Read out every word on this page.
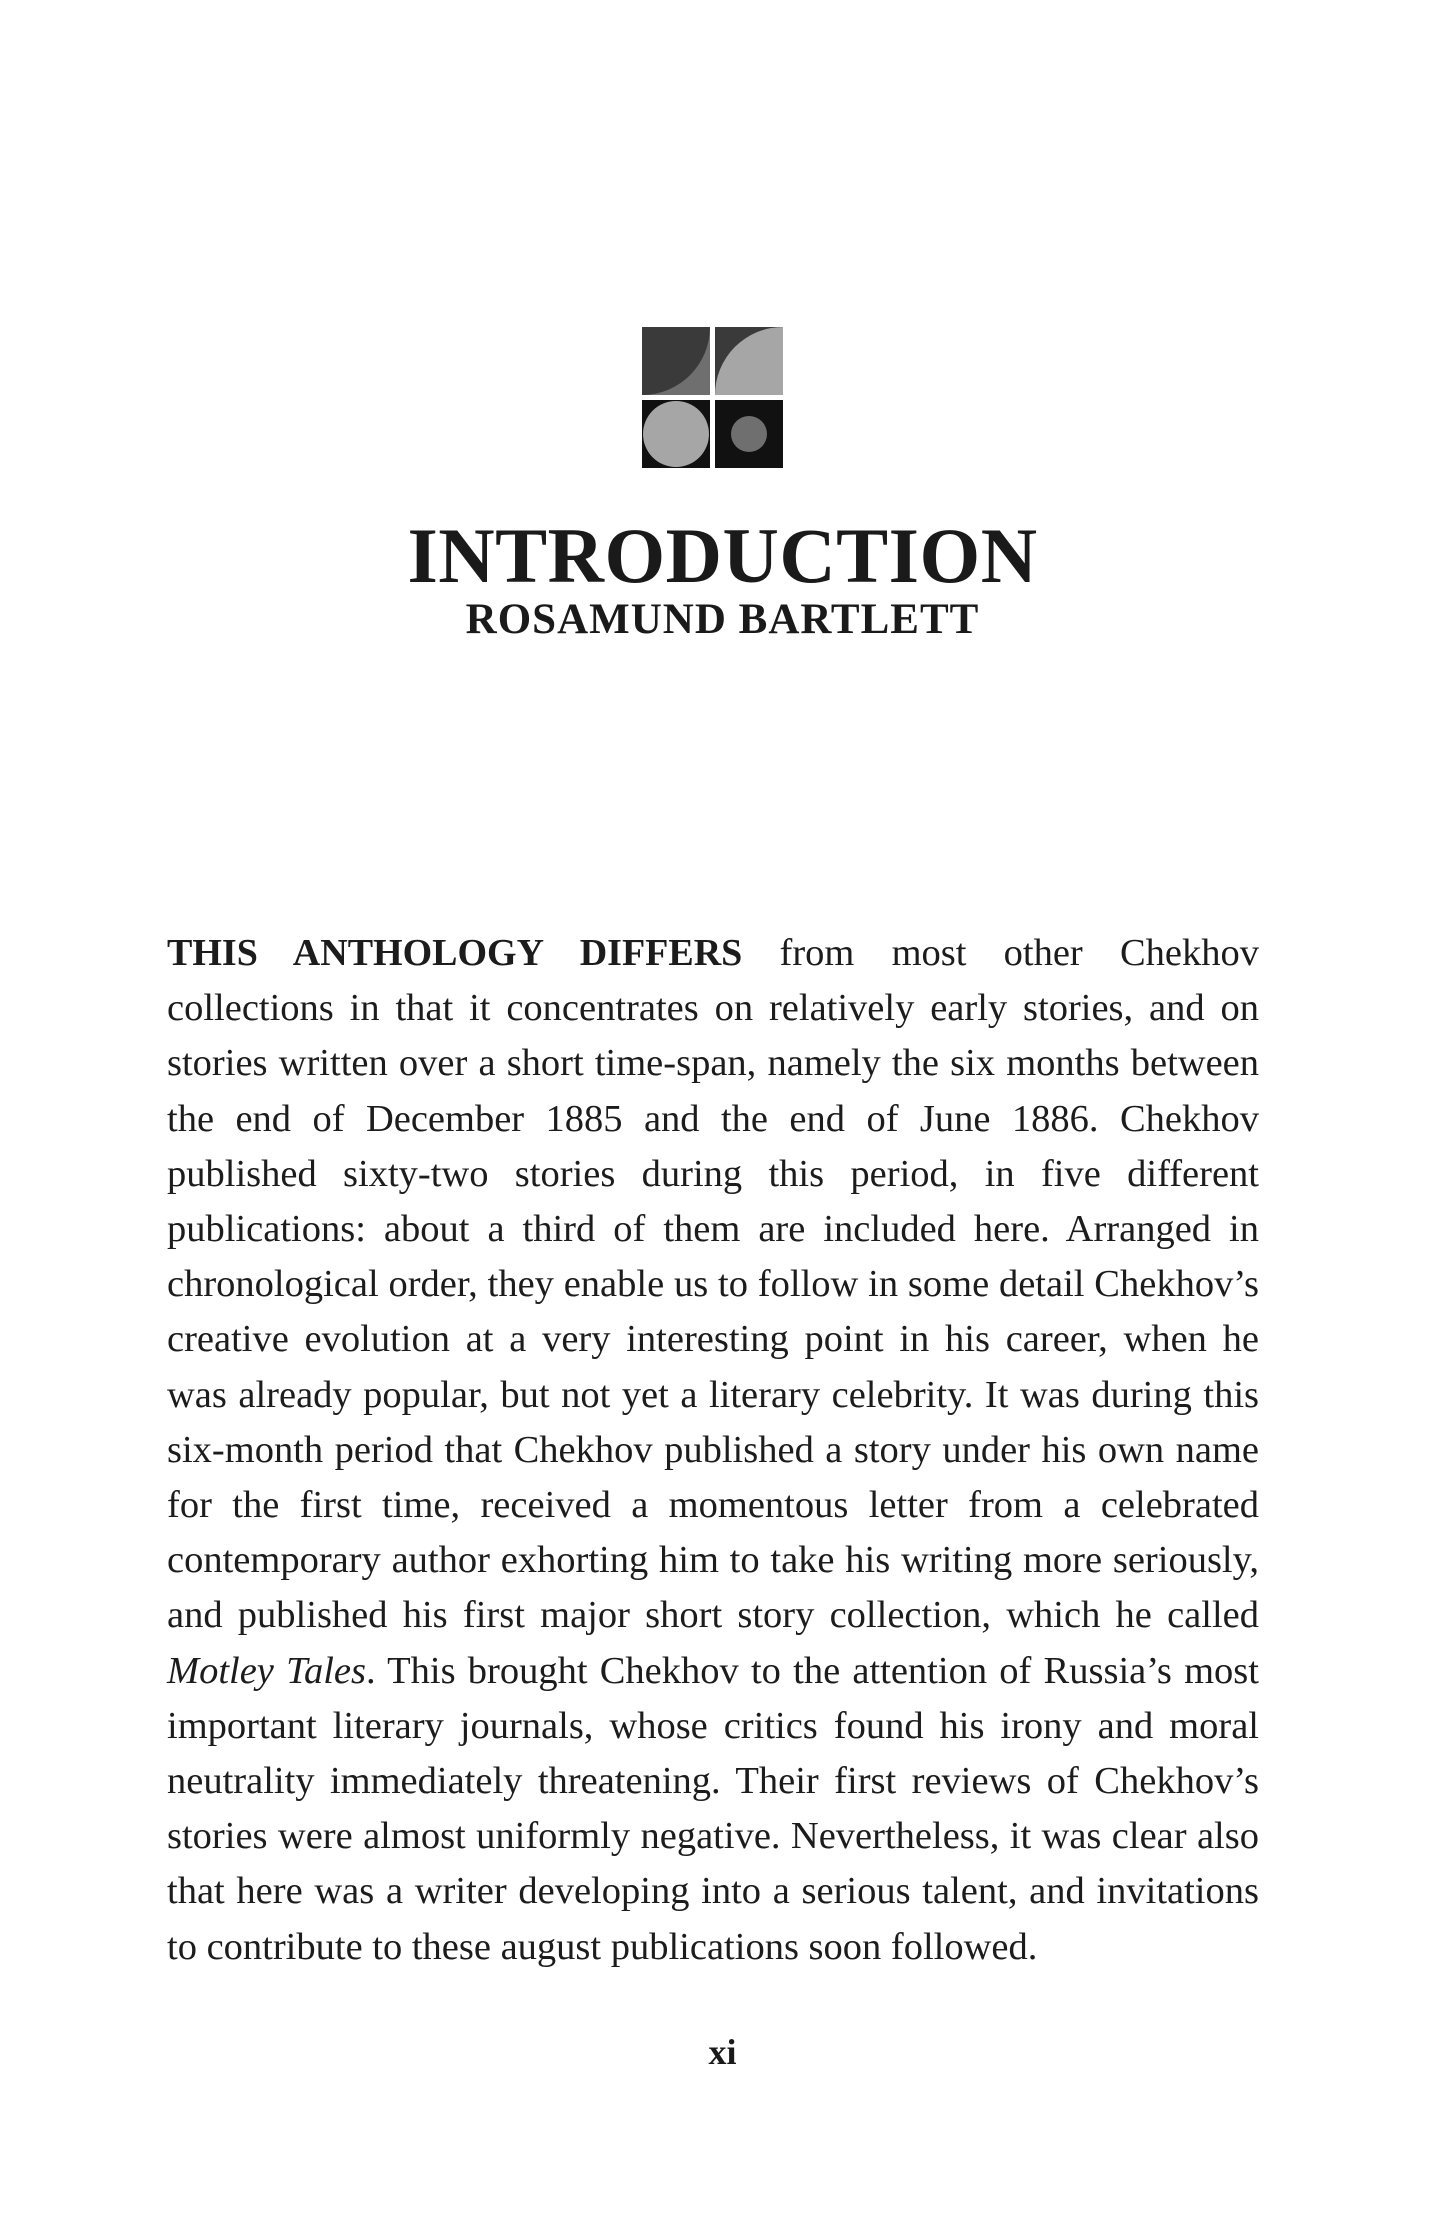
INTRODUCTION
ROSAMUND BARTLETT

THIS ANTHOLOGY DIFFERS from most other Chekhov collections in that it concentrates on relatively early stories, and on stories written over a short time-span, namely the six months between the end of December 1885 and the end of June 1886. Chekhov published sixty-two stories during this period, in five different publications: about a third of them are included here. Arranged in chronological order, they enable us to follow in some detail Chekhov’s creative evolution at a very interesting point in his career, when he was already popular, but not yet a literary celebrity. It was during this six-month period that Chekhov published a story under his own name for the first time, received a momentous letter from a celebrated contemporary author exhorting him to take his writing more seriously, and published his first major short story collection, which he called Motley Tales. This brought Chekhov to the attention of Russia’s most important literary journals, whose critics found his irony and moral neutrality immediately threatening. Their first reviews of Chekhov’s stories were almost uniformly negative. Nevertheless, it was clear also that here was a writer developing into a serious talent, and invitations to contribute to these august publications soon followed.

xi
